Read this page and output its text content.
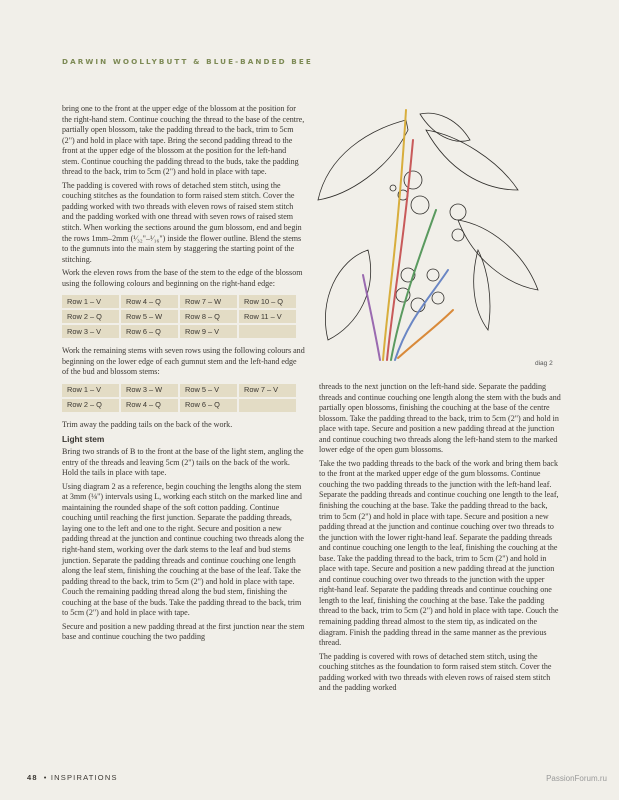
DARWIN WOOLLYBUTT & BLUE-BANDED BEE

bring one to the front at the upper edge of the blossom at the position for the right-hand stem. Continue couching the thread to the base of the centre, partially open blossom, take the padding thread to the back, trim to 5cm (2") and hold in place with tape. Bring the second padding thread to the front at the upper edge of the blossom at the position for the left-hand stem. Continue couching the padding thread to the buds, take the padding thread to the back, trim to 5cm (2") and hold in place with tape.

The padding is covered with rows of detached stem stitch, using the couching stitches as the foundation to form raised stem stitch. Cover the padding worked with two threads with eleven rows of raised stem stitch and the padding worked with one thread with seven rows of raised stem stitch. When working the sections around the gum blossom, end and begin the rows 1mm–2mm (¹⁄₃₂"–¹⁄₁₆") inside the flower outline. Blend the stems to the gumnuts into the main stem by staggering the starting point of the stitching.

Work the eleven rows from the base of the stem to the edge of the blossom using the following colours and beginning on the right-hand edge:

Row 1 – V	Row 4 – Q	Row 7 – W	Row 10 – Q
Row 2 – Q	Row 5 – W	Row 8 – Q	Row 11 – V
Row 3 – V	Row 6 – Q	Row 9 – V	

Work the remaining stems with seven rows using the following colours and beginning on the lower edge of each gumnut stem and the left-hand edge of the bud and blossom stems:

Row 1 – V	Row 3 – W	Row 5 – V	Row 7 – V
Row 2 – Q	Row 4 – Q	Row 6 – Q	

Trim away the padding tails on the back of the work.

Light stem

Bring two strands of B to the front at the base of the light stem, angling the entry of the threads and leaving 5cm (2") tails on the back of the work. Hold the tails in place with tape.

Using diagram 2 as a reference, begin couching the lengths along the stem at 3mm (⅛") intervals using L, working each stitch on the marked line and maintaining the rounded shape of the soft cotton padding. Continue couching until reaching the first junction. Separate the padding threads, laying one to the left and one to the right. Secure and position a new padding thread at the junction and continue couching two threads along the right-hand stem, working over the dark stems to the leaf and bud stems junction. Separate the padding threads and continue couching one length along the leaf stem, finishing the couching at the base of the leaf. Take the padding thread to the back, trim to 5cm (2") and hold in place with tape. Couch the remaining padding thread along the bud stem, finishing the couching at the base of the buds. Take the padding thread to the back, trim to 5cm (2") and hold in place with tape.

Secure and position a new padding thread at the first junction near the stem base and continue couching the two padding

diag 2

threads to the next junction on the left-hand side. Separate the padding threads and continue couching one length along the stem with the buds and partially open blossoms, finishing the couching at the base of the centre blossom. Take the padding thread to the back, trim to 5cm (2") and hold in place with tape. Secure and position a new padding thread at the junction and continue couching two threads along the left-hand stem to the marked lower edge of the open gum blossoms.

Take the two padding threads to the back of the work and bring them back to the front at the marked upper edge of the gum blossoms. Continue couching the two padding threads to the junction with the left-hand leaf. Separate the padding threads and continue couching one length to the leaf, finishing the couching at the base. Take the padding thread to the back, trim to 5cm (2") and hold in place with tape. Secure and position a new padding thread at the junction and continue couching over two threads to the junction with the lower right-hand leaf. Separate the padding threads and continue couching one length to the leaf, finishing the couching at the base. Take the padding thread to the back, trim to 5cm (2") and hold in place with tape. Secure and position a new padding thread at the junction and continue couching over two threads to the junction with the upper right-hand leaf. Separate the padding threads and continue couching one length to the leaf, finishing the couching at the base. Take the padding thread to the back, trim to 5cm (2") and hold in place with tape. Couch the remaining padding thread almost to the stem tip, as indicated on the diagram. Finish the padding thread in the same manner as the previous thread.

The padding is covered with rows of detached stem stitch, using the couching stitches as the foundation to form raised stem stitch. Cover the padding worked with two threads with eleven rows of raised stem stitch and the padding worked

48 • INSPIRATIONS	PassionForum.ru
